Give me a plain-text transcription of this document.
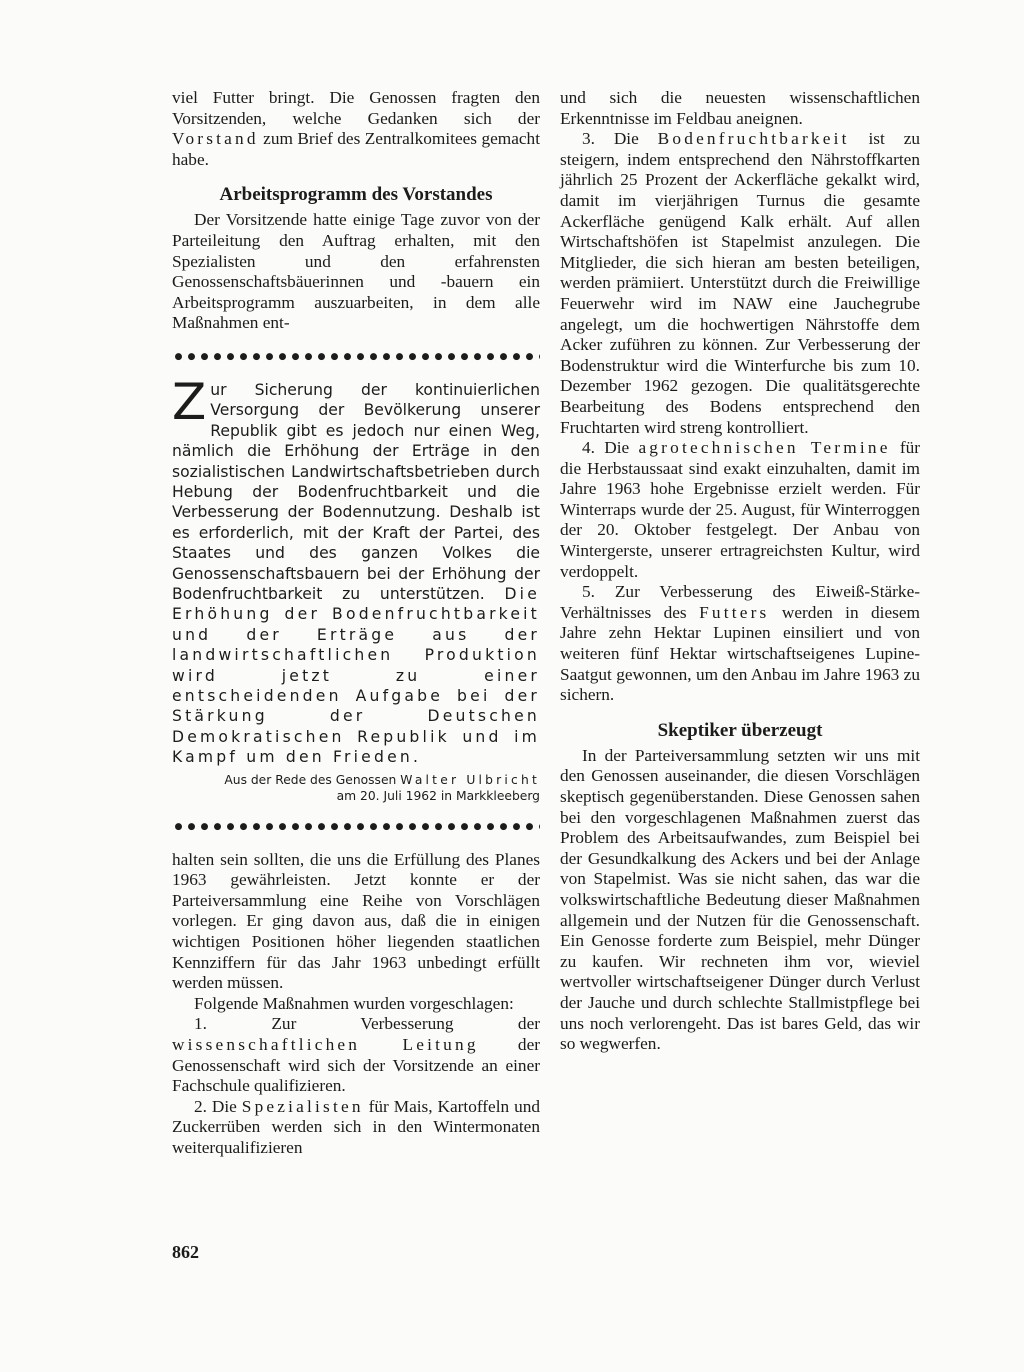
viel Futter bringt. Die Genossen fragten den Vorsitzenden, welche Gedanken sich der Vorstand zum Brief des Zentralkomitees gemacht habe.

Arbeitsprogramm des Vorstandes

Der Vorsitzende hatte einige Tage zuvor von der Parteileitung den Auftrag erhalten, mit den Spezialisten und den erfahrensten Genossenschaftsbäuerinnen und -bauern ein Arbeitsprogramm auszuarbeiten, in dem alle Maßnahmen ent-

Zur Sicherung der kontinuierlichen Versorgung der Bevölkerung unserer Republik gibt es jedoch nur einen Weg, nämlich die Erhöhung der Erträge in den sozialistischen Landwirtschaftsbetrieben durch Hebung der Bodenfruchtbarkeit und die Verbesserung der Bodennutzung. Deshalb ist es erforderlich, mit der Kraft der Partei, des Staates und des ganzen Volkes die Genossenschaftsbauern bei der Erhöhung der Bodenfruchtbarkeit zu unterstützen. Die Erhöhung der Bodenfruchtbarkeit und der Erträge aus der landwirtschaftlichen Produktion wird jetzt zu einer entscheidenden Aufgabe bei der Stärkung der Deutschen Demokratischen Republik und im Kampf um den Frieden.
Aus der Rede des Genossen Walter Ulbricht
am 20. Juli 1962 in Markkleeberg

halten sein sollten, die uns die Erfüllung des Planes 1963 gewährleisten. Jetzt konnte er der Parteiversammlung eine Reihe von Vorschlägen vorlegen. Er ging davon aus, daß die in einigen wichtigen Positionen höher liegenden staatlichen Kennziffern für das Jahr 1963 unbedingt erfüllt werden müssen.

Folgende Maßnahmen wurden vorgeschlagen:

1. Zur Verbesserung der wissenschaftlichen Leitung der Genossenschaft wird sich der Vorsitzende an einer Fachschule qualifizieren.

2. Die Spezialisten für Mais, Kartoffeln und Zuckerrüben werden sich in den Wintermonaten weiterqualifizieren

und sich die neuesten wissenschaftlichen Erkenntnisse im Feldbau aneignen.

3. Die Bodenfruchtbarkeit ist zu steigern, indem entsprechend den Nährstoffkarten jährlich 25 Prozent der Ackerfläche gekalkt wird, damit im vierjährigen Turnus die gesamte Ackerfläche genügend Kalk erhält. Auf allen Wirtschaftshöfen ist Stapelmist anzulegen. Die Mitglieder, die sich hieran am besten beteiligen, werden prämiiert. Unterstützt durch die Freiwillige Feuerwehr wird im NAW eine Jauchegrube angelegt, um die hochwertigen Nährstoffe dem Acker zuführen zu können. Zur Verbesserung der Bodenstruktur wird die Winterfurche bis zum 10. Dezember 1962 gezogen. Die qualitätsgerechte Bearbeitung des Bodens entsprechend den Fruchtarten wird streng kontrolliert.

4. Die agrotechnischen Termine für die Herbstaussaat sind exakt einzuhalten, damit im Jahre 1963 hohe Ergebnisse erzielt werden. Für Winterraps wurde der 25. August, für Winterroggen der 20. Oktober festgelegt. Der Anbau von Wintergerste, unserer ertragreichsten Kultur, wird verdoppelt.

5. Zur Verbesserung des Eiweiß-Stärke-Verhältnisses des Futters werden in diesem Jahre zehn Hektar Lupinen einsiliert und von weiteren fünf Hektar wirtschaftseigenes Lupine-Saatgut gewonnen, um den Anbau im Jahre 1963 zu sichern.

Skeptiker überzeugt

In der Parteiversammlung setzten wir uns mit den Genossen auseinander, die diesen Vorschlägen skeptisch gegenüberstanden. Diese Genossen sahen bei den vorgeschlagenen Maßnahmen zuerst das Problem des Arbeitsaufwandes, zum Beispiel bei der Gesundkalkung des Ackers und bei der Anlage von Stapelmist. Was sie nicht sahen, das war die volkswirtschaftliche Bedeutung dieser Maßnahmen allgemein und der Nutzen für die Genossenschaft. Ein Genosse forderte zum Beispiel, mehr Dünger zu kaufen. Wir rechneten ihm vor, wieviel wertvoller wirtschaftseigener Dünger durch Verlust der Jauche und durch schlechte Stallmistpflege bei uns noch verlorengeht. Das ist bares Geld, das wir so wegwerfen.

862
